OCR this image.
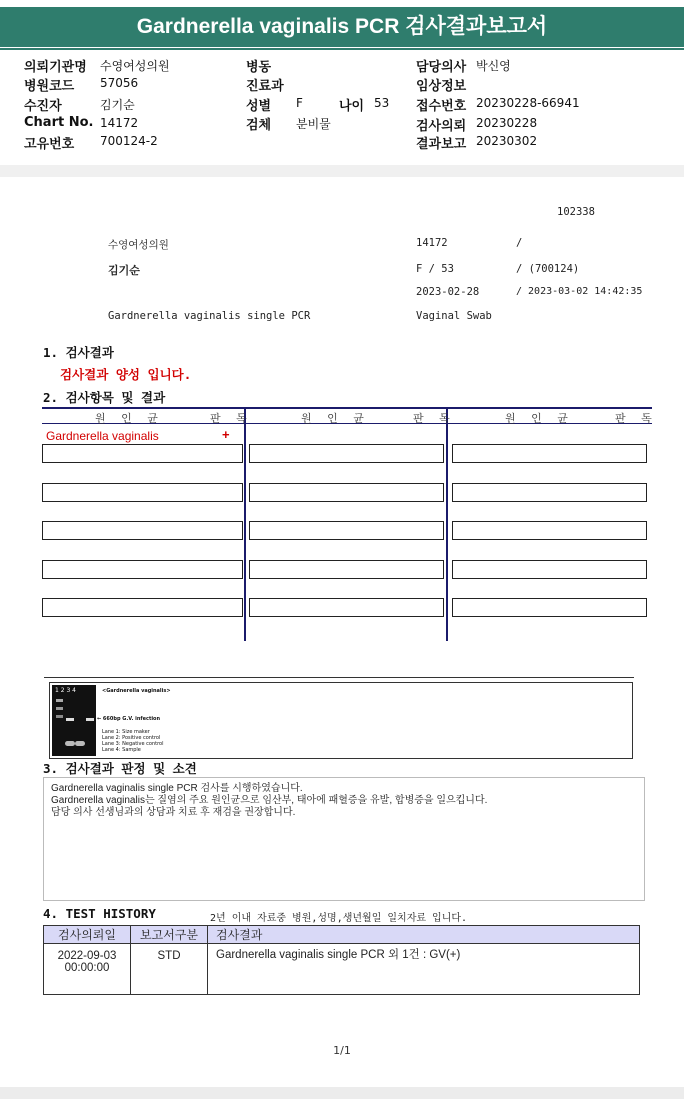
Gardnerella vaginalis PCR 검사결과보고서
의뢰기관명 수영여성의원
병원코드 57056
수진자	김기순
Chart No. 14172
고유번호 700124-2
병동
진료과
성별 F	나이 53
검체 분비물
담당의사 박신영
임상정보
접수번호 20230228-66941
검사의뢰 20230228
결과보고 20230302
102338
수영여성의원	14172	/
김기순	F / 53	/ (700124)
2023-02-28	/ 2023-03-02 14:42:35
Gardnerella vaginalis single PCR	Vaginal Swab
1. 검사결과
검사결과 양성 입니다.
2. 검사항목 및 결과
원 인 균	판 독	원 인 균	판 독	원 인 균	판 독
Gardnerella vaginalis	+
1 2 3 4	<Gardnerella vaginalis>
← 660bp G.V. infection
Lane 1: Size maker
Lane 2: Positive control
Lane 3: Negative control
Lane 4: Sample
3. 검사결과 판정 및 소견
Gardnerella vaginalis single PCR 검사를 시행하였습니다.
Gardnerella vaginalis는 질염의 주요 원인균으로 임산부, 태아에 패혈증을 유발, 합병증을 일으킵니다.
담당 의사 선생님과의 상담과 치료 후 재검을 권장합니다.
4. TEST HISTORY	2년 이내 자료중 병원,성명,생년월일 일치자료 입니다.
검사의뢰일	보고서구분	검사결과

2022-09-03
00:00:00	STD	Gardnerella vaginalis single PCR 외 1건 : GV(+)
1/1
